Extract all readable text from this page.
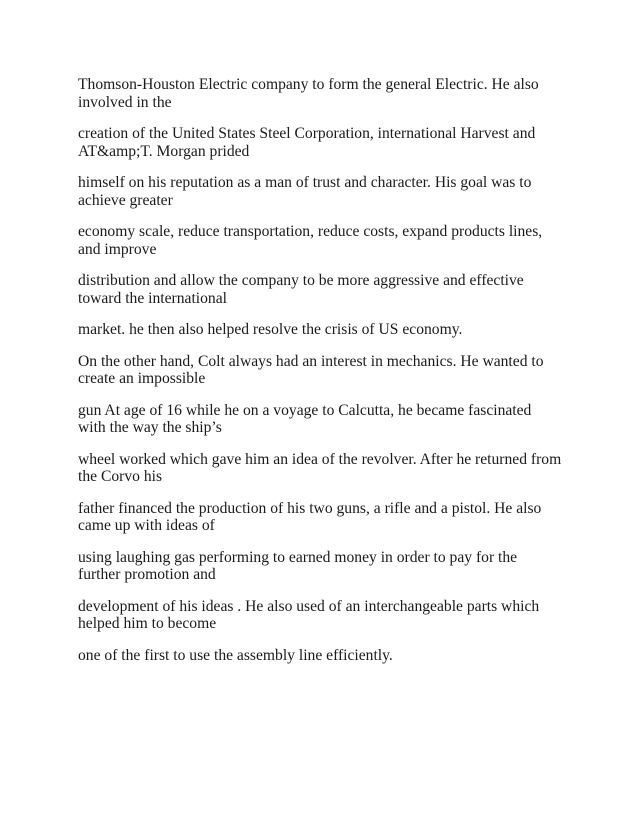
Thomson-Houston Electric company to form the general Electric. He also involved in the

creation of the United States Steel Corporation, international Harvest and AT&amp;T. Morgan prided

himself on his reputation as a man of trust and character. His goal was to achieve greater

economy scale, reduce transportation, reduce costs, expand products lines, and improve

distribution and allow the company to be more aggressive and effective toward the international

market. he then also helped resolve the crisis of US economy.

On the other hand, Colt always had an interest in mechanics. He wanted to create an impossible

gun At age of 16 while he on a voyage to Calcutta, he became fascinated with the way the ship’s

wheel worked which gave him an idea of the revolver. After he returned from the Corvo his

father financed the production of his two guns, a rifle and a pistol. He also came up with ideas of

using laughing gas performing to earned money in order to pay for the further promotion and

development of his ideas . He also used of an interchangeable parts which helped him to become

one of the first to use the assembly line efficiently.
